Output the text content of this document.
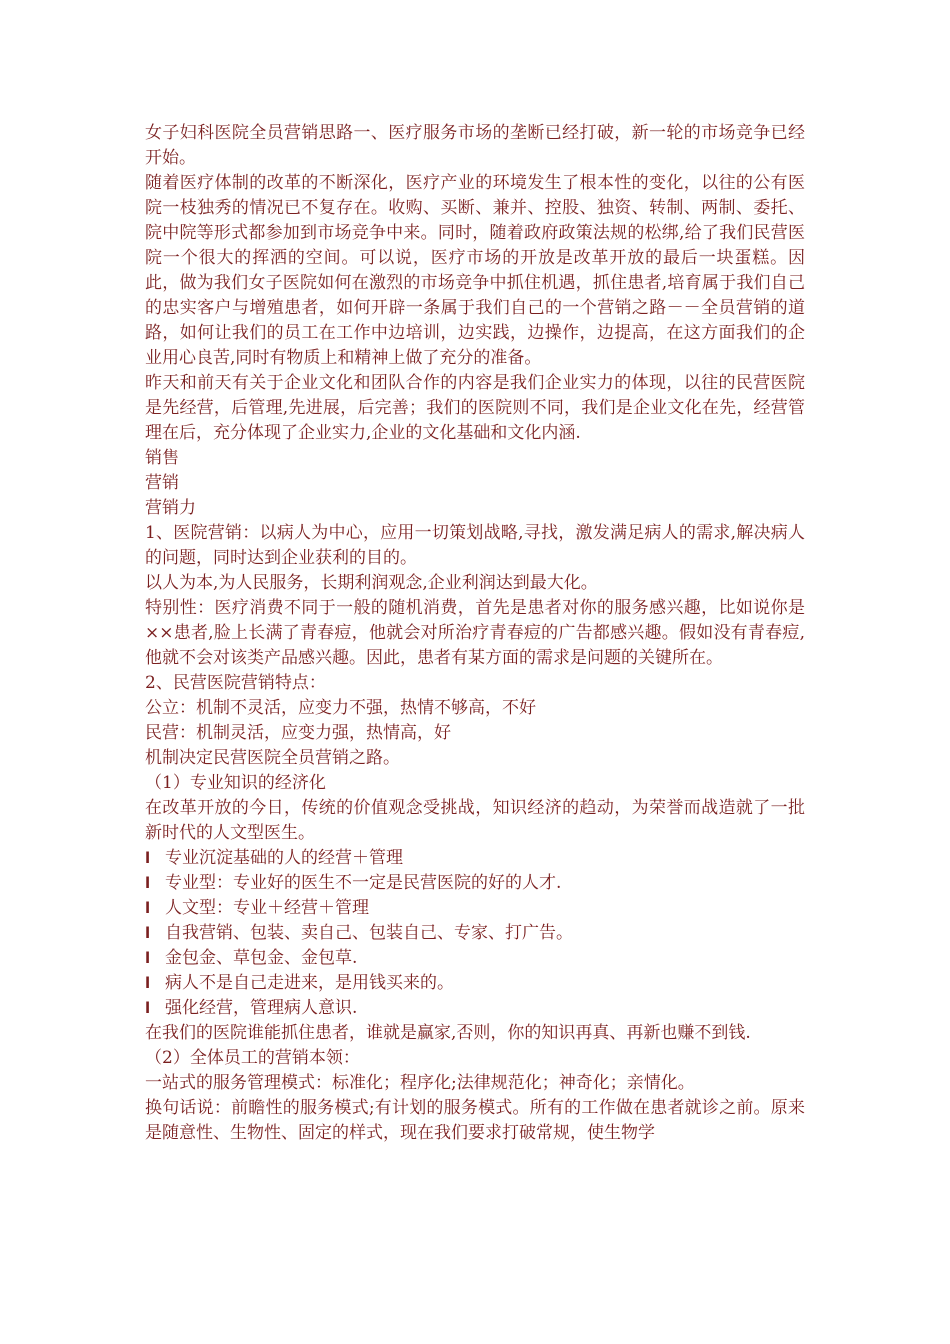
女子妇科医院全员营销思路一、医疗服务市场的垄断已经打破，新一轮的市场竞争已经开始。

随着医疗体制的改革的不断深化，医疗产业的环境发生了根本性的变化，以往的公有医院一枝独秀的情况已不复存在。收购、买断、兼并、控股、独资、转制、两制、委托、院中院等形式都参加到市场竞争中来。同时，随着政府政策法规的松绑,给了我们民营医院一个很大的挥洒的空间。可以说，医疗市场的开放是改革开放的最后一块蛋糕。因此，做为我们女子医院如何在激烈的市场竞争中抓住机遇，抓住患者,培育属于我们自己的忠实客户与增殖患者，如何开辟一条属于我们自己的一个营销之路－－全员营销的道路，如何让我们的员工在工作中边培训，边实践，边操作，边提高，在这方面我们的企业用心良苦,同时有物质上和精神上做了充分的准备。

昨天和前天有关于企业文化和团队合作的内容是我们企业实力的体现，以往的民营医院是先经营，后管理,先进展，后完善；我们的医院则不同，我们是企业文化在先，经营管理在后，充分体现了企业实力,企业的文化基础和文化内涵.

销售

营销

营销力

1、医院营销：以病人为中心，应用一切策划战略,寻找，激发满足病人的需求,解决病人的问题，同时达到企业获利的目的。

以人为本,为人民服务，长期利润观念,企业利润达到最大化。

特别性：医疗消费不同于一般的随机消费，首先是患者对你的服务感兴趣，比如说你是××患者,脸上长满了青春痘，他就会对所治疗青春痘的广告都感兴趣。假如没有青春痘,他就不会对该类产品感兴趣。因此，患者有某方面的需求是问题的关键所在。

2、民营医院营销特点：

公立：机制不灵活，应变力不强，热情不够高，不好

民营：机制灵活，应变力强，热情高，好

机制决定民营医院全员营销之路。

（1）专业知识的经济化

在改革开放的今日，传统的价值观念受挑战，知识经济的趋动，为荣誉而战造就了一批新时代的人文型医生。

l 专业沉淀基础的人的经营＋管理

l 专业型：专业好的医生不一定是民营医院的好的人才.

l 人文型：专业＋经营＋管理

l 自我营销、包装、卖自己、包装自己、专家、打广告。

l 金包金、草包金、金包草.

l 病人不是自己走进来，是用钱买来的。

l 强化经营，管理病人意识.

在我们的医院谁能抓住患者，谁就是赢家,否则，你的知识再真、再新也赚不到钱.

（2）全体员工的营销本领：

一站式的服务管理模式：标准化；程序化;法律规范化；神奇化；亲情化。

换句话说：前瞻性的服务模式;有计划的服务模式。所有的工作做在患者就诊之前。原来是随意性、生物性、固定的样式，现在我们要求打破常规，使生物学
